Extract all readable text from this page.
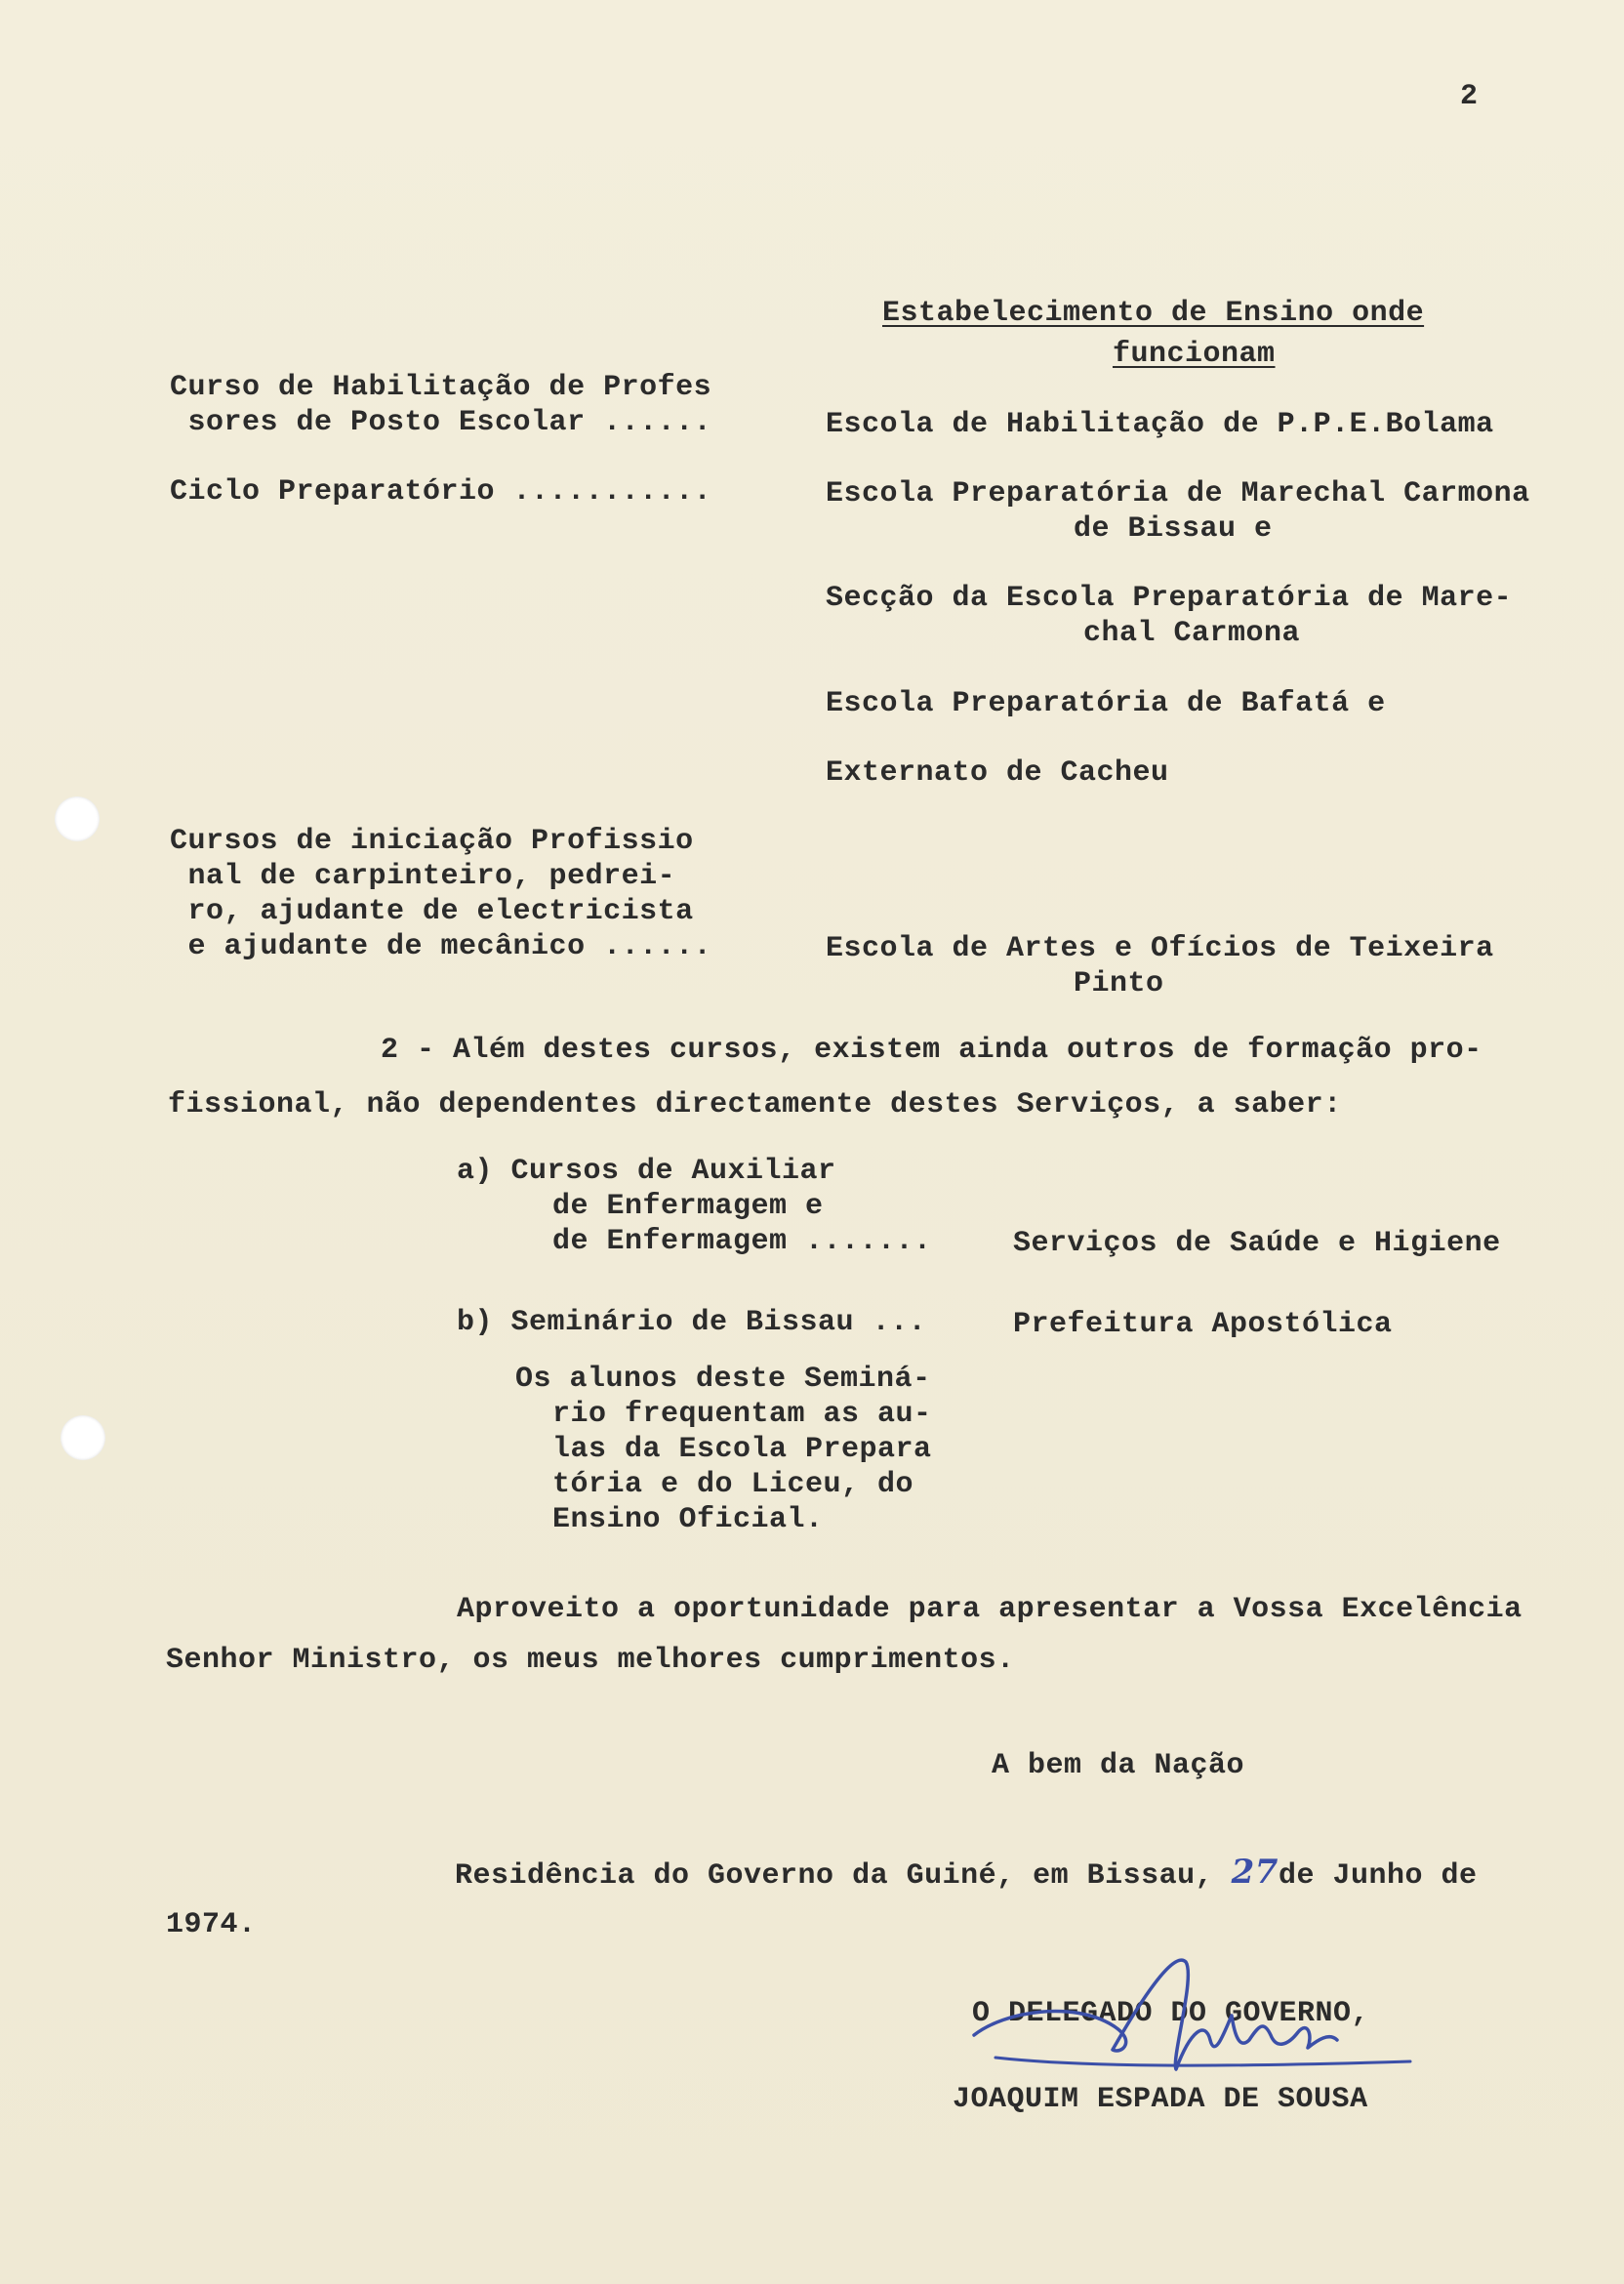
2
Estabelecimento de Ensino onde
funcionam
Curso de Habilitação de Profes
sores de Posto Escolar ......	Escola de Habilitação de P.P.E.Bolama
Ciclo Preparatório ...........	Escola Preparatória de Marechal Carmona
de Bissau e
Secção da Escola Preparatória de Mare-
chal Carmona
Escola Preparatória de Bafatá e
Externato de Cacheu
Cursos de iniciação Profissio
nal de carpinteiro, pedrei-
ro, ajudante de electricista
e ajudante de mecânico ......	Escola de Artes e Ofícios de Teixeira
Pinto
2 - Além destes cursos, existem ainda outros de formação pro-
fissional, não dependentes directamente destes Serviços, a saber:
a) Cursos de Auxiliar
de Enfermagem e
de Enfermagem .......	Serviços de Saúde e Higiene
b) Seminário de Bissau ...	Prefeitura Apostólica
Os alunos deste Seminá-
rio frequentam as au-
las da Escola Prepara
tória e do Liceu, do
Ensino Oficial.
Aproveito a oportunidade para apresentar a Vossa Excelência
Senhor Ministro, os meus melhores cumprimentos.
A bem da Nação
Residência do Governo da Guiné, em Bissau, 27de Junho de
1974.
O DELEGADO DO GOVERNO,
JOAQUIM ESPADA DE SOUSA
